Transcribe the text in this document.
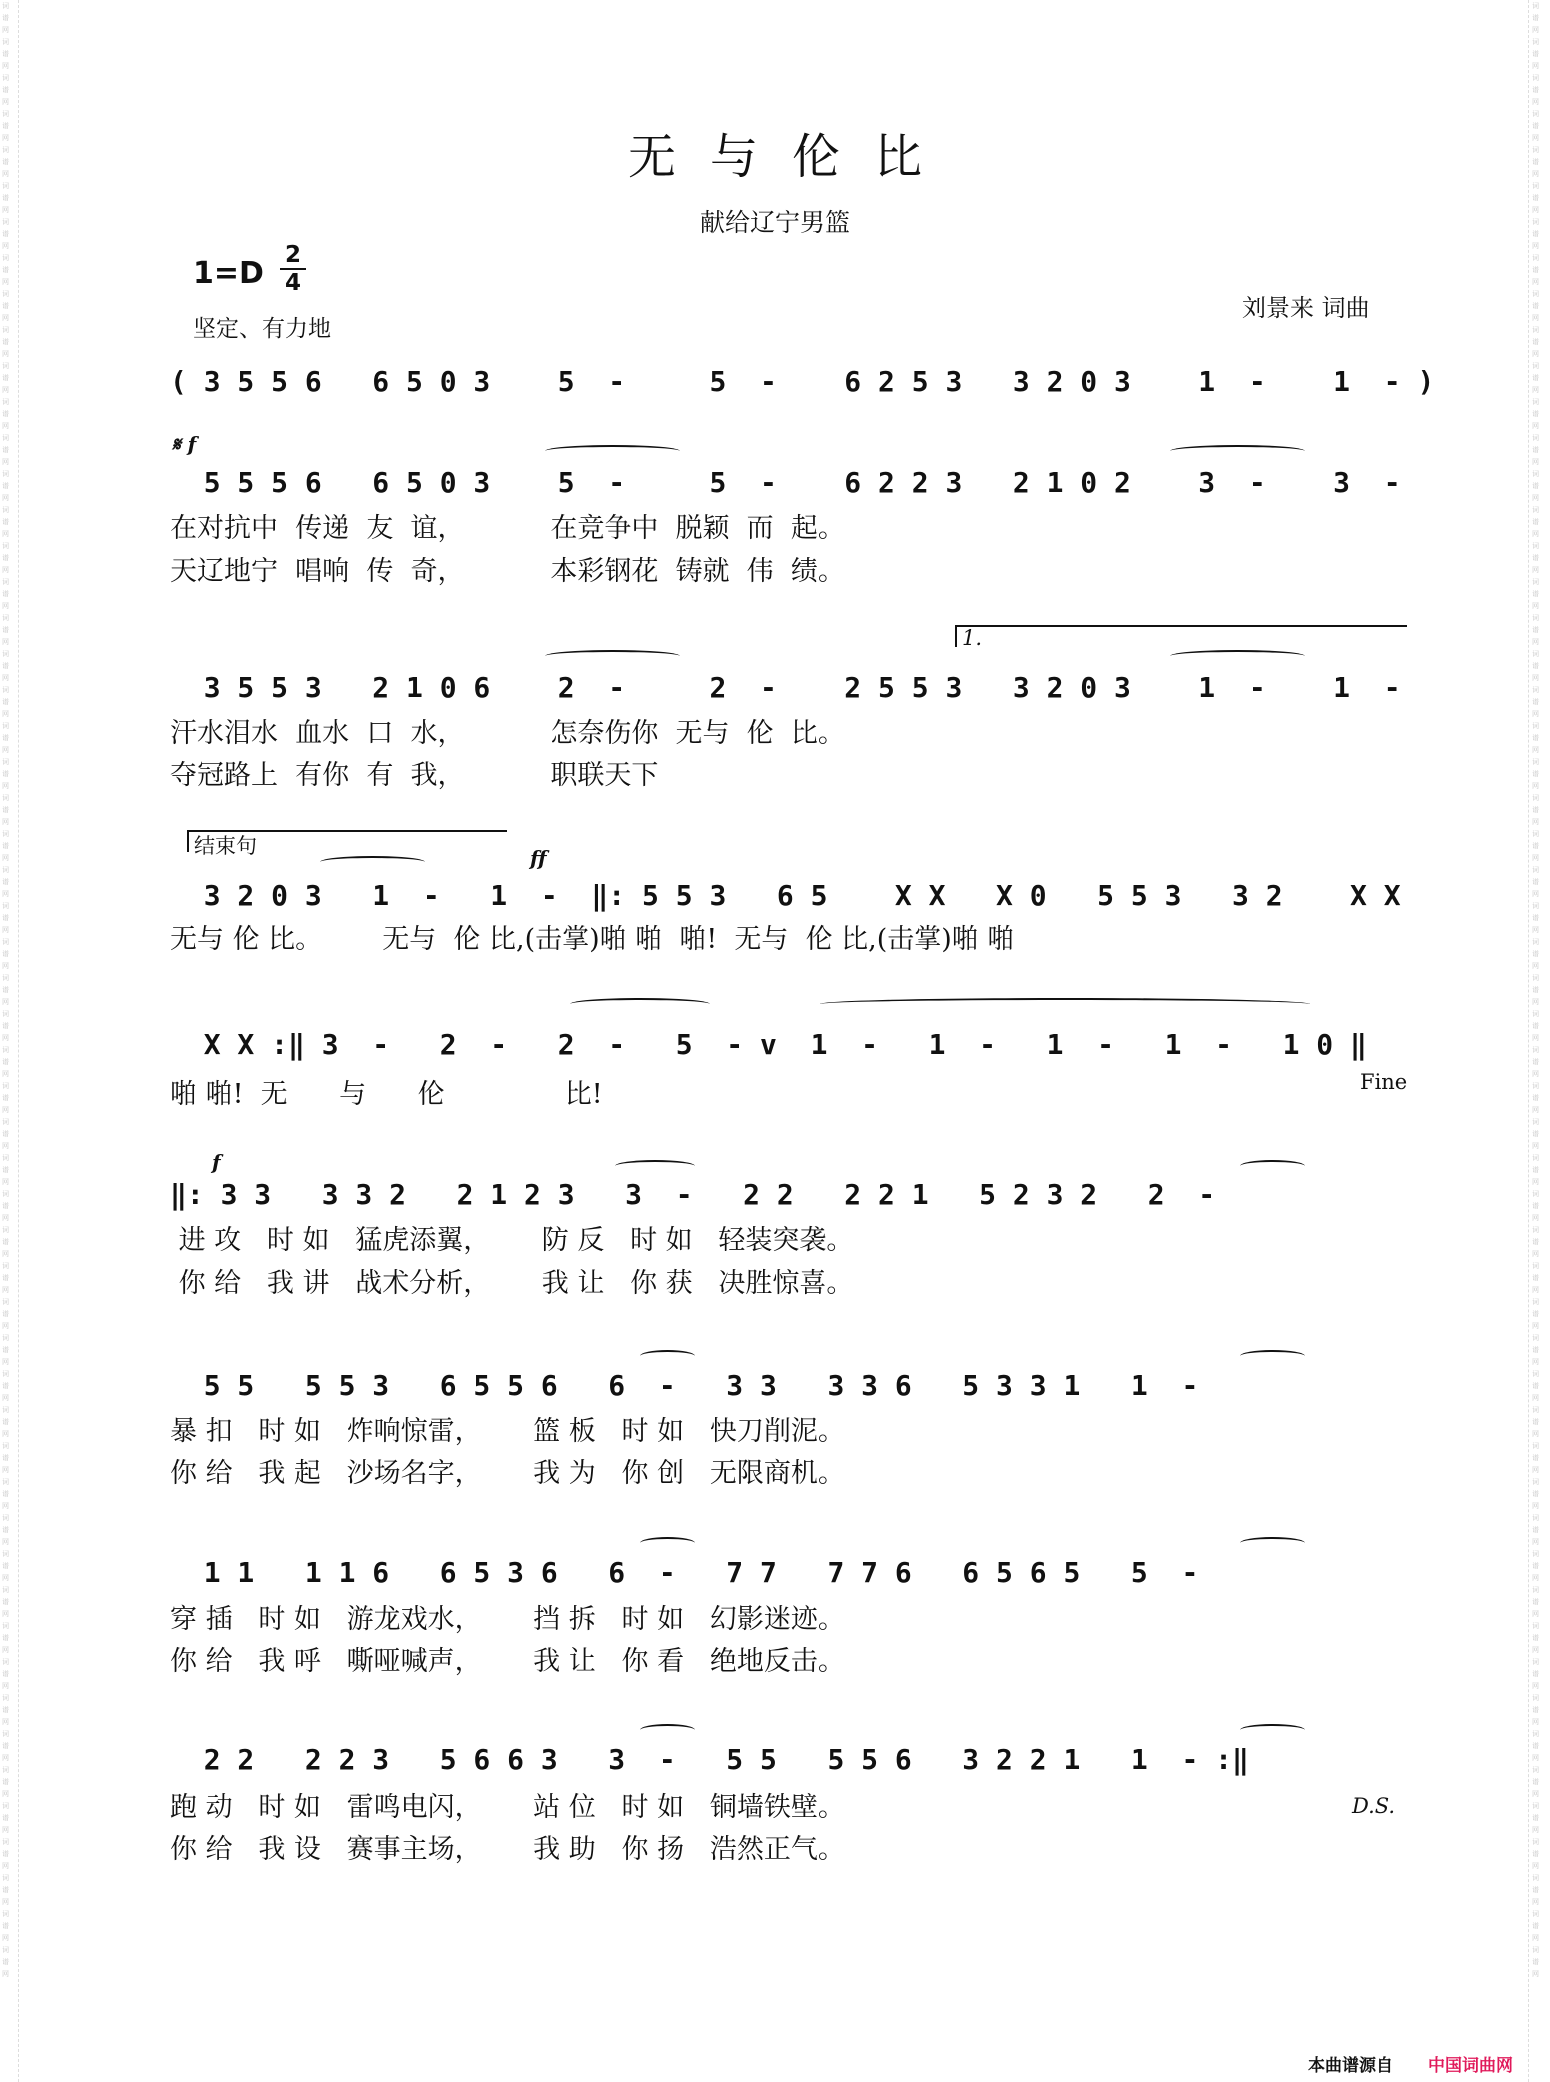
词谱网词谱网词谱网词谱网词谱网词谱网词谱网词谱网词谱网词谱网词谱网词谱网词谱网词谱网词谱网词谱网词谱网词谱网词谱网词谱网词谱网词谱网词谱网词谱网词谱网词谱网词谱网词谱网词谱网词谱网词谱网词谱网词谱网词谱网词谱网词谱网词谱网词谱网词谱网词谱网词谱网词谱网词谱网词谱网词谱网词谱网词谱网词谱网词谱网词谱网词谱网词谱网词谱网词谱网词谱网
词谱网词谱网词谱网词谱网词谱网词谱网词谱网词谱网词谱网词谱网词谱网词谱网词谱网词谱网词谱网词谱网词谱网词谱网词谱网词谱网词谱网词谱网词谱网词谱网词谱网词谱网词谱网词谱网词谱网词谱网词谱网词谱网词谱网词谱网词谱网词谱网词谱网词谱网词谱网词谱网词谱网词谱网词谱网词谱网词谱网词谱网词谱网词谱网词谱网词谱网词谱网词谱网词谱网词谱网词谱网
无与伦比
献给辽宁男篮
1=D
2
4
坚定、有力地
刘景来 词曲
( 3 5 5 6   6 5 0 3    5  -     5  -    6 2 5 3   3 2 0 3    1  -    1  - )
𝄋 f
5 5 5 6   6 5 0 3    5  -     5  -    6 2 2 3   2 1 0 2    3  -    3  -
在对抗中  传递  友  谊，          在竞争中  脱颖  而  起。
天辽地宁  唱响  传  奇，          本彩钢花  铸就  伟  绩。
1.
3 5 5 3   2 1 0 6    2  -     2  -    2 5 5 3   3 2 0 3    1  -    1  -
汗水泪水  血水  口  水，          怎奈伤你  无与  伦  比。
夺冠路上  有你  有  我，          职联天下
结束句	ff
3 2 0 3   1  -   1  -  ‖: 5 5 3   6 5    X X   X 0   5 5 3   3 2    X X
无与 伦 比。       无与  伦 比,(击掌)啪 啪  啪!  无与  伦 比,(击掌)啪 啪
X X :‖ 3  -   2  -   2  -   5  - v  1  -   1  -   1  -   1  -   1 0 ‖
Fine
啪 啪!  无      与      伦              比!
f
‖: 3 3   3 3 2   2 1 2 3   3  -   2 2   2 2 1   5 2 3 2   2  -
进 攻   时 如   猛虎添翼，      防 反   时 如   轻装突袭。
你 给   我 讲   战术分析，      我 让   你 获   决胜惊喜。
5 5   5 5 3   6 5 5 6   6  -   3 3   3 3 6   5 3 3 1   1  -
暴 扣   时 如   炸响惊雷，      篮 板   时 如   快刀削泥。
你 给   我 起   沙场名字，      我 为   你 创   无限商机。
1 1   1 1 6   6 5 3 6   6  -   7 7   7 7 6   6 5 6 5   5  -
穿 插   时 如   游龙戏水，      挡 拆   时 如   幻影迷迹。
你 给   我 呼   嘶哑喊声，      我 让   你 看   绝地反击。
2 2   2 2 3   5 6 6 3   3  -   5 5   5 5 6   3 2 2 1   1  - :‖
D.S.
跑 动   时 如   雷鸣电闪，      站 位   时 如   铜墙铁壁。
你 给   我 设   赛事主场，      我 助   你 扬   浩然正气。
本曲谱源自 中国词曲网
